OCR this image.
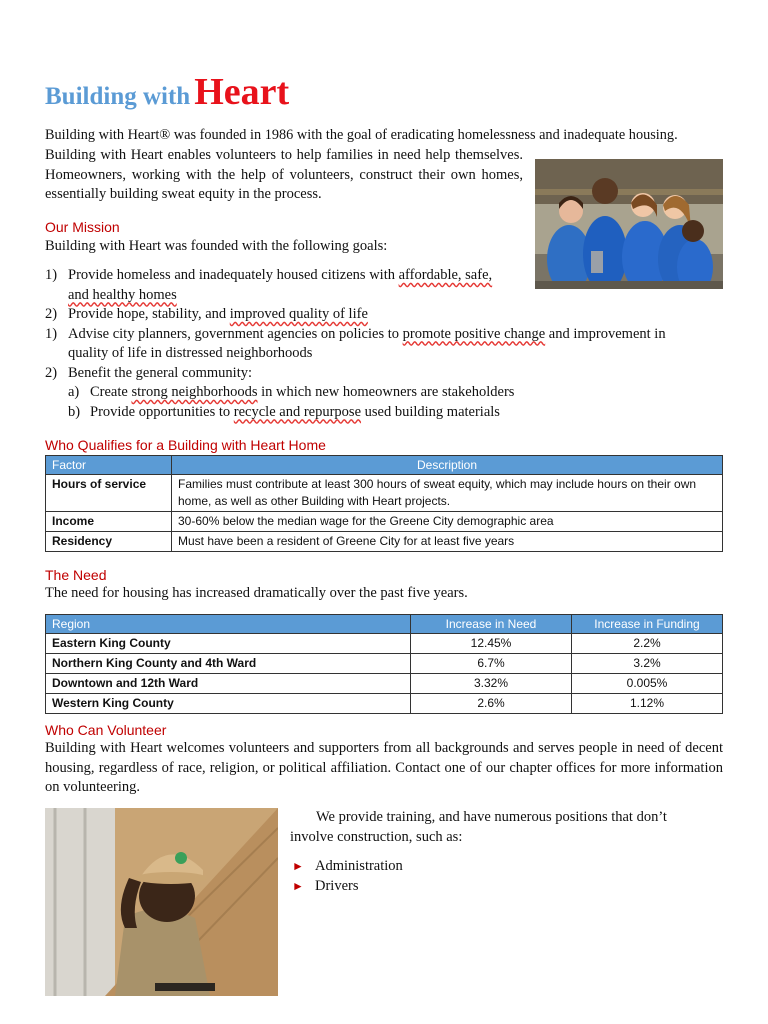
Building with Heart

Building with Heart® was founded in 1986 with the goal of eradicating homelessness and inadequate housing.

Building with Heart enables volunteers to help families in need help themselves. Homeowners, working with the help of volunteers, construct their own homes, essentially building sweat equity in the process.

Our Mission

Building with Heart was founded with the following goals:

1) Provide homeless and inadequately housed citizens with affordable, safe, and healthy homes
2) Provide hope, stability, and improved quality of life
1) Advise city planners, government agencies on policies to promote positive change and improvement in quality of life in distressed neighborhoods
2) Benefit the general community:
a) Create strong neighborhoods in which new homeowners are stakeholders
b) Provide opportunities to recycle and repurpose used building materials
Who Qualifies for a Building with Heart Home
Factor	Description
Hours of service	Families must contribute at least 300 hours of sweat equity, which may include hours on their own home, as well as other Building with Heart projects.
Income	30-60% below the median wage for the Greene City demographic area
Residency	Must have been a resident of Greene City for at least five years
The Need

The need for housing has increased dramatically over the past five years.

Region	Increase in Need	Increase in Funding
Eastern King County	12.45%	2.2%
Northern King County and 4th Ward	6.7%	3.2%
Downtown and 12th Ward	3.32%	0.005%
Western King County	2.6%	1.12%
Who Can Volunteer

Building with Heart welcomes volunteers and supporters from all backgrounds and serves people in need of decent housing, regardless of race, religion, or political affiliation. Contact one of our chapter offices for more information on volunteering.

We provide training, and have numerous positions that don’t involve construction, such as:

► Administration
► Drivers
